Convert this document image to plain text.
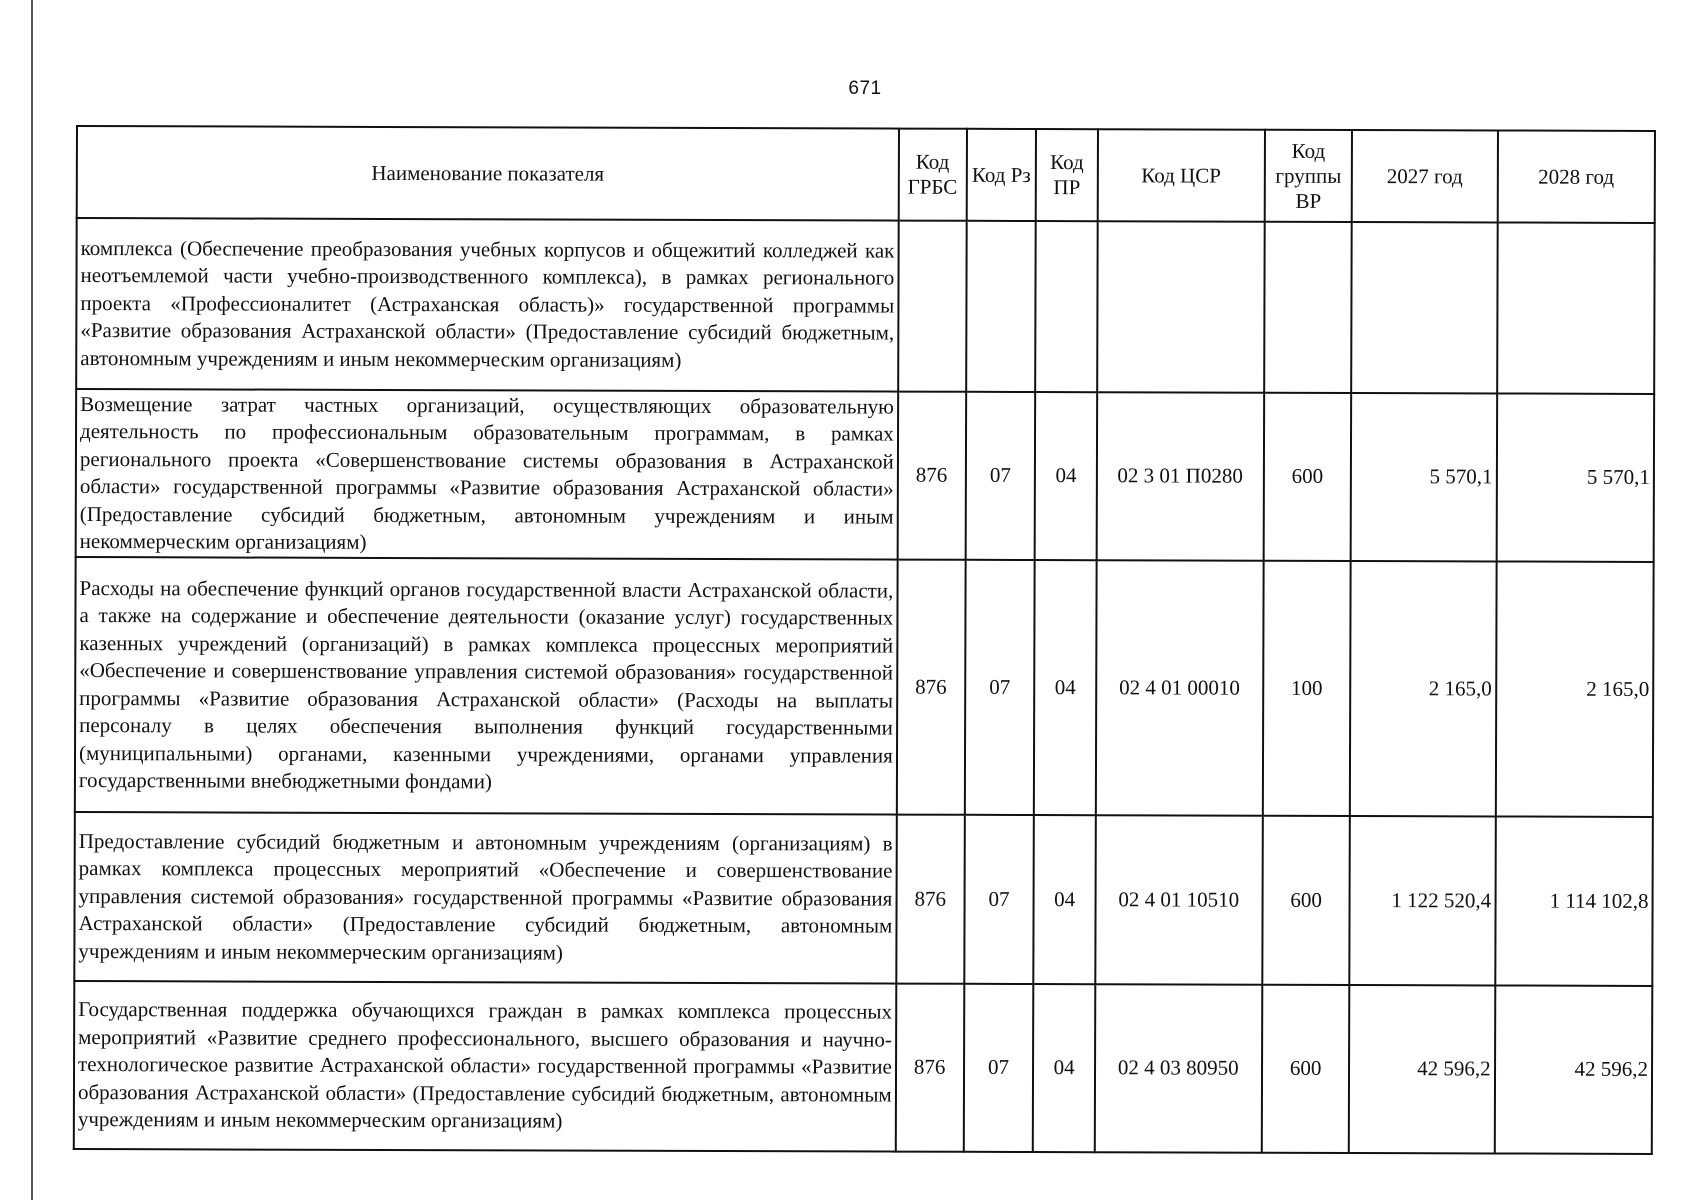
671
Наименование показателя	Код ГРБС	Код Рз	Код ПР	Код ЦСР	Код группы ВР	2027 год	2028 год
комплекса (Обеспечение преобразования учебных корпусов и общежитий колледжей как неотъемлемой части учебно-производственного комплекса), в рамках регионального проекта «Профессионалитет (Астраханская область)» государственной программы «Развитие образования Астраханской области» (Предоставление субсидий бюджетным, автономным учреждениям и иным некоммерческим организациям)							
Возмещение затрат частных организаций, осуществляющих образовательную деятельность по профессиональным образовательным программам, в рамках регионального проекта «Совершенствование системы образования в Астраханской области» государственной программы «Развитие образования Астраханской области» (Предоставление субсидий бюджетным, автономным учреждениям и иным некоммерческим организациям)	876	07	04	02 3 01 П0280	600	5 570,1	5 570,1
Расходы на обеспечение функций органов государственной власти Астраханской области, а также на содержание и обеспечение деятельности (оказание услуг) государственных казенных учреждений (организаций) в рамках комплекса процессных мероприятий «Обеспечение и совершенствование управления системой образования» государственной программы «Развитие образования Астраханской области» (Расходы на выплаты персоналу в целях обеспечения выполнения функций государственными (муниципальными) органами, казенными учреждениями, органами управления государственными внебюджетными фондами)	876	07	04	02 4 01 00010	100	2 165,0	2 165,0
Предоставление субсидий бюджетным и автономным учреждениям (организациям) в рамках комплекса процессных мероприятий «Обеспечение и совершенствование управления системой образования» государственной программы «Развитие образования Астраханской области» (Предоставление субсидий бюджетным, автономным учреждениям и иным некоммерческим организациям)	876	07	04	02 4 01 10510	600	1 122 520,4	1 114 102,8
Государственная поддержка обучающихся граждан в рамках комплекса процессных мероприятий «Развитие среднего профессионального, высшего образования и научно-технологическое развитие Астраханской области» государственной программы «Развитие образования Астраханской области» (Предоставление субсидий бюджетным, автономным учреждениям и иным некоммерческим организациям)	876	07	04	02 4 03 80950	600	42 596,2	42 596,2
